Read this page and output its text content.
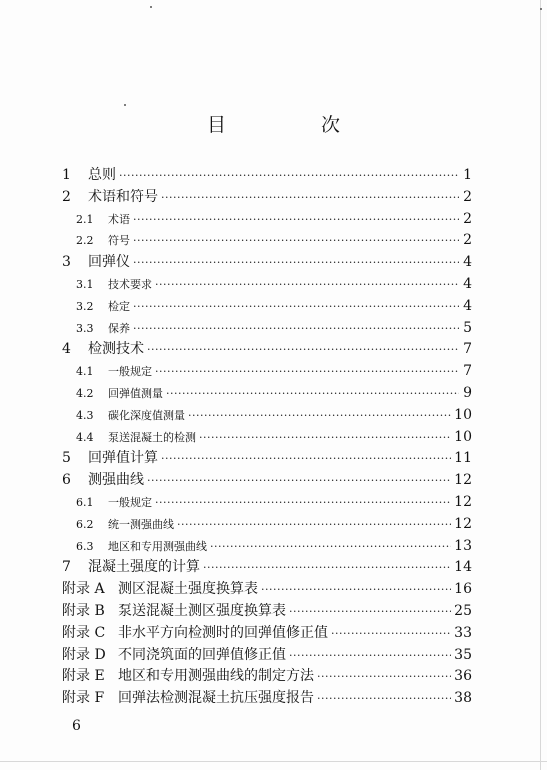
目　次
1	总则 ·····	1
2	术语和符号 ·····	2
2.1	术语 ·····	2
2.2	符号 ·····	2
3	回弹仪 ·····	4
3.1	技术要求 ·····	4
3.2	检定 ·····	4
3.3	保养 ·····	5
4	检测技术 ·····	7
4.1	一般规定 ·····	7
4.2	回弹值测量 ·····	9
4.3	碳化深度值测量 ·····	10
4.4	泵送混凝土的检测 ·····	10
5	回弹值计算 ·····	11
6	测强曲线 ·····	12
6.1	一般规定 ·····	12
6.2	统一测强曲线 ·····	12
6.3	地区和专用测强曲线 ·····	13
7	混凝土强度的计算 ·····	14
附录 A 测区混凝土强度换算表 ·····	16
附录 B 泵送混凝土测区强度换算表 ·····	25
附录 C 非水平方向检测时的回弹值修正值 ·····	33
附录 D 不同浇筑面的回弹值修正值 ·····	35
附录 E 地区和专用测强曲线的制定方法 ·····	36
附录 F 回弹法检测混凝土抗压强度报告 ·····	38
6
